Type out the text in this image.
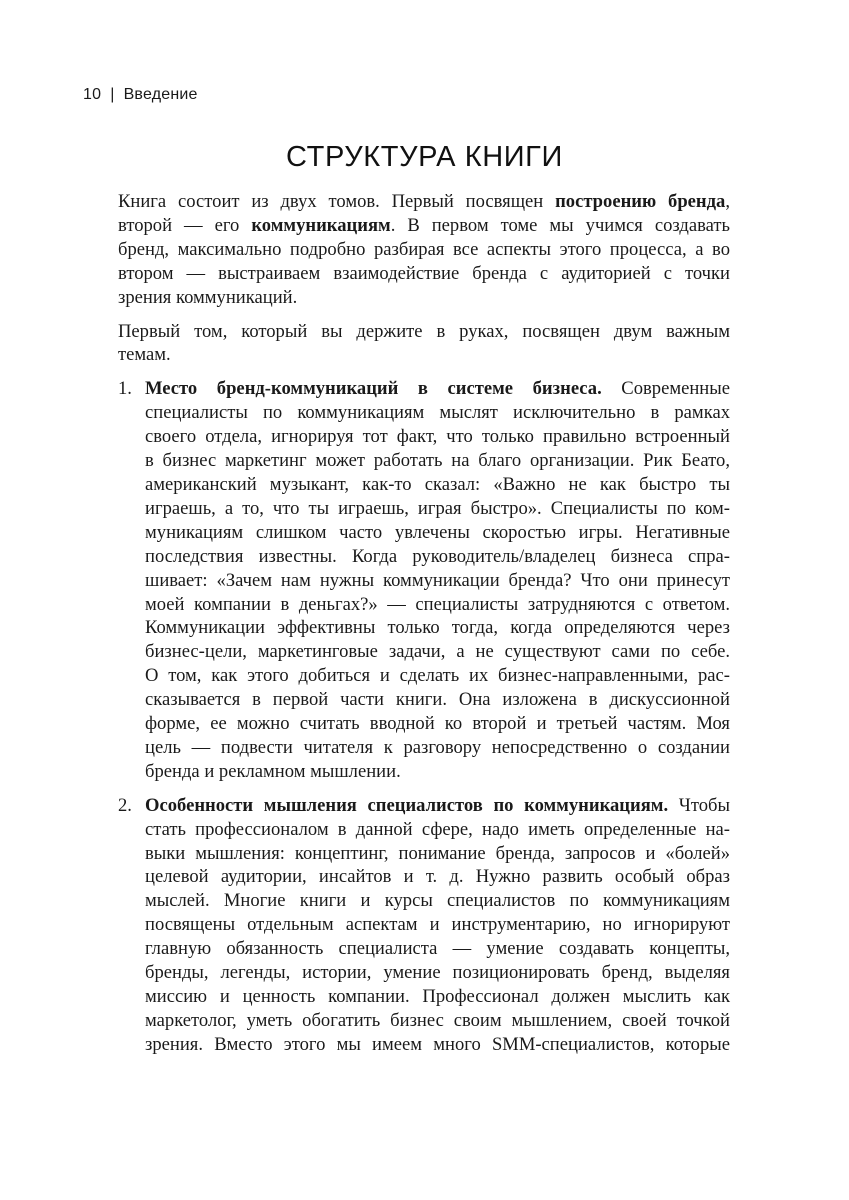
10 | Введение
СТРУКТУРА КНИГИ

Книга состоит из двух томов. Первый посвящен построению бренда,
второй — его коммуникациям. В первом томе мы учимся создавать
бренд, максимально подробно разбирая все аспекты этого процесса, а во
втором — выстраиваем взаимодействие бренда с аудиторией с точки
зрения коммуникаций.

Первый том, который вы держите в руках, посвящен двум важным
темам.

1. Место бренд-коммуникаций в системе бизнеса. Современные
специалисты по коммуникациям мыслят исключительно в рамках
своего отдела, игнорируя тот факт, что только правильно встроенный
в бизнес маркетинг может работать на благо организации. Рик Беато,
американский музыкант, как-то сказал: «Важно не как быстро ты
играешь, а то, что ты играешь, играя быстро». Специалисты по ком-
муникациям слишком часто увлечены скоростью игры. Негативные
последствия известны. Когда руководитель/владелец бизнеса спра-
шивает: «Зачем нам нужны коммуникации бренда? Что они принесут
моей компании в деньгах?» — специалисты затрудняются с ответом.
Коммуникации эффективны только тогда, когда определяются через
бизнес-цели, маркетинговые задачи, а не существуют сами по себе.
О том, как этого добиться и сделать их бизнес-направленными, рас-
сказывается в первой части книги. Она изложена в дискуссионной
форме, ее можно считать вводной ко второй и третьей частям. Моя
цель — подвести читателя к разговору непосредственно о создании
бренда и рекламном мышлении.
2. Особенности мышления специалистов по коммуникациям. Чтобы
стать профессионалом в данной сфере, надо иметь определенные на-
выки мышления: концептинг, понимание бренда, запросов и «болей»
целевой аудитории, инсайтов и т. д. Нужно развить особый образ
мыслей. Многие книги и курсы специалистов по коммуникациям
посвящены отдельным аспектам и инструментарию, но игнорируют
главную обязанность специалиста — умение создавать концепты,
бренды, легенды, истории, умение позиционировать бренд, выделяя
миссию и ценность компании. Профессионал должен мыслить как
маркетолог, уметь обогатить бизнес своим мышлением, своей точкой
зрения. Вместо этого мы имеем много SMM-специалистов, которые
